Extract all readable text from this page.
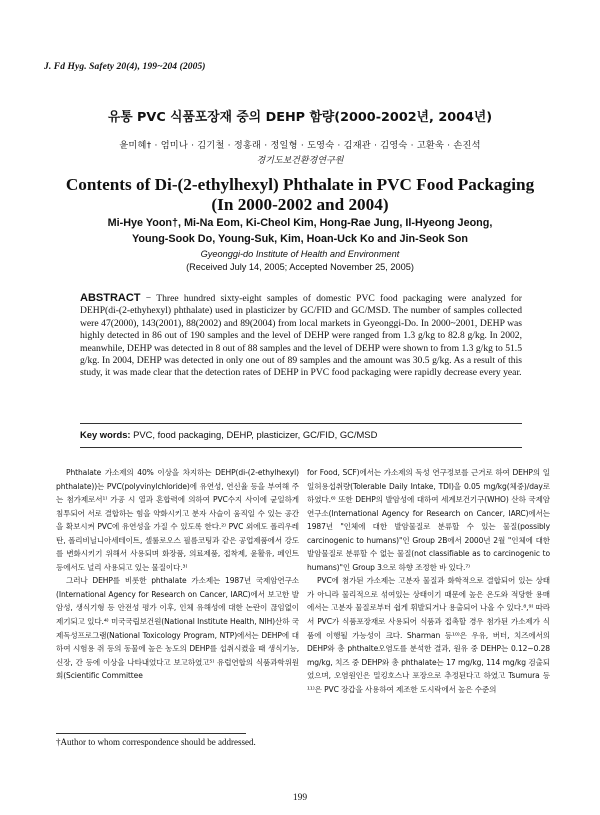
J. Fd Hyg. Safety 20(4), 199~204 (2005)
유통 PVC 식품포장재 중의 DEHP 함량(2000-2002년, 2004년)
윤미혜† · 엄미나 · 김기철 · 정홍래 · 정일형 · 도영숙 · 김재관 · 김영숙 · 고환욱 · 손진석
경기도보건환경연구원
Contents of Di-(2-ethylhexyl) Phthalate in PVC Food Packaging
(In 2000-2002 and 2004)
Mi-Hye Yoon†, Mi-Na Eom, Ki-Cheol Kim, Hong-Rae Jung, Il-Hyeong Jeong,
Young-Sook Do, Young-Suk, Kim, Hoan-Uck Ko and Jin-Seok Son
Gyeonggi-do Institute of Health and Environment
(Received July 14, 2005; Accepted November 25, 2005)
ABSTRACT − Three hundred sixty-eight samples of domestic PVC food packaging were analyzed for DEHP(di-(2-ethyhexyl) phthalate) used in plasticizer by GC/FID and GC/MSD. The number of samples collected were 47(2000), 143(2001), 88(2002) and 89(2004) from local markets in Gyeonggi-Do. In 2000~2001, DEHP was highly detected in 86 out of 190 samples and the level of DEHP were ranged from 1.3 g/kg to 82.8 g/kg. In 2002, meanwhile, DEHP was detected in 8 out of 88 samples and the level of DEHP were shown to from 1.3 g/kg to 51.5 g/kg. In 2004, DEHP was detected in only one out of 89 samples and the amount was 30.5 g/kg. As a result of this study, it was made clear that the detection rates of DEHP in PVC food packaging were rapidly decrease every year.
Key words: PVC, food packaging, DEHP, plasticizer, GC/FID, GC/MSD

Phthalate 가소제의 40% 이상을 차지하는 DEHP(di-(2-ethylhexyl) phthalate))는 PVC(polyvinylchloride)에 유연성, 연신율 등을 부여해 주는 첨가제로서¹⁾ 가공 시 열과 혼합력에 의하여 PVC수지 사이에 균일하게 침투되어 서로 결합하는 힘을 약화시키고 분자 사슬이 움직일 수 있는 공간을 확보시켜 PVC에 유연성을 가질 수 있도록 한다.²⁾ PVC 외에도 폴리우레탄, 폴리비닐니아세테이트, 셀룰로오스 필름코팅과 같은 공업제품에서 강도를 변화시키기 위해서 사용되며 화장품, 의료제품, 접착제, 윤활유, 페인트 등에서도 널리 사용되고 있는 물질이다.³⁾

그러나 DEHP를 비롯한 phthalate 가소제는 1987년 국제암연구소(International Agency for Research on Cancer, IARC)에서 보고한 발암성, 생식기형 등 안전성 평가 이후, 인체 유해성에 대한 논란이 끊임없이 제기되고 있다.⁴⁾ 미국국립보건원(National Institute Health, NIH)산하 국제독성프로그램(National Toxicology Program, NTP)에서는 DEHP에 대하여 시험용 쥐 등의 동물에 높은 농도의 DEHP를 섭취시켰을 때 생식기능, 신장, 간 등에 이상을 나타내었다고 보고하였고⁵⁾ 유럽연합의 식품과학위원회(Scientific Committee

for Food, SCF)에서는 가소제의 독성 연구정보를 근거로 하여 DEHP의 일일허용섭취량(Tolerable Daily Intake, TDI)을 0.05 mg/kg(체중)/day로 하였다.⁶⁾ 또한 DEHP의 발암성에 대하여 세계보건기구(WHO) 산하 국제암연구소(International Agency for Research on Cancer, IARC)에서는 1987년 "인체에 대한 발암물질로 분류할 수 있는 물질(possibly carcinogenic to humans)"인 Group 2B에서 2000년 2월 "인체에 대한 발암물질로 분류할 수 없는 물질(not classifiable as to carcinogenic to humans)"인 Group 3으로 하향 조정한 바 있다.⁷⁾

PVC에 첨가된 가소제는 고분자 물질과 화학적으로 결합되어 있는 상태가 아니라 물리적으로 섞여있는 상태이기 때문에 높은 온도와 적당한 용매에서는 고분자 물질로부터 쉽게 휘발되거나 용출되어 나올 수 있다.⁸,⁹⁾ 따라서 PVC가 식품포장재로 사용되어 식품과 접촉할 경우 첨가된 가소제가 식품에 이행될 가능성이 크다. Sharman 등¹⁰⁾은 우유, 버터, 치즈에서의 DEHP와 총 phthalte오염도를 분석한 결과, 원유 중 DEHP는 0.12~0.28 mg/kg, 치즈 중 DEHP와 총 phthalate는 17 mg/kg, 114 mg/kg 검출되었으며, 오염원인은 밀킹호스나 포장으로 추정된다고 하였고 Tsumura 등¹¹⁾은 PVC 장갑을 사용하여 제조한 도시락에서 높은 수준의

†Author to whom correspondence should be addressed.
199
